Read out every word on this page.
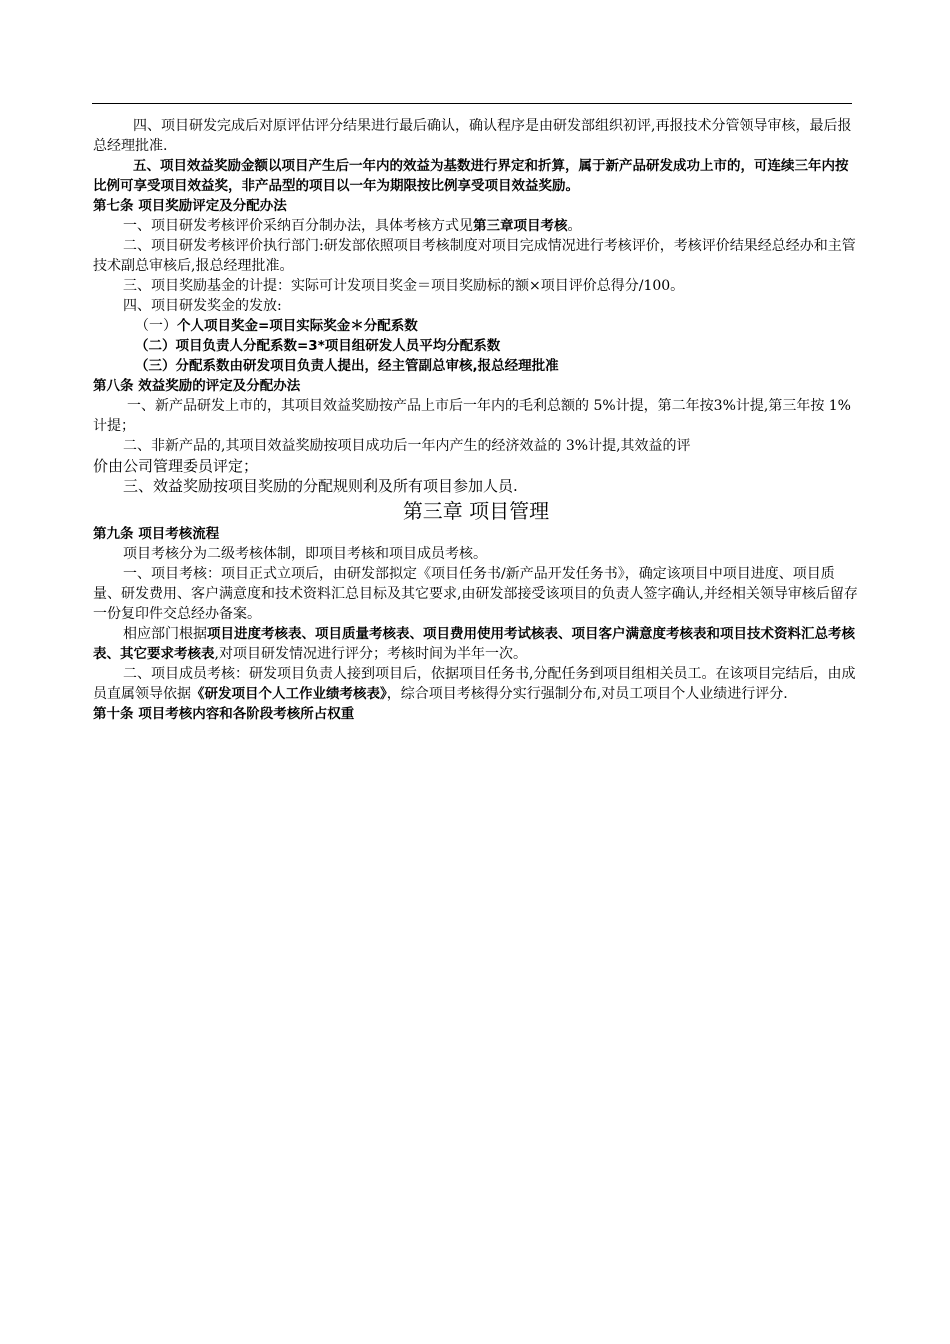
四、项目研发完成后对原评估评分结果进行最后确认，确认程序是由研发部组织初评,再报技术分管领导审核，最后报总经理批准.

五、项目效益奖励金额以项目产生后一年内的效益为基数进行界定和折算，属于新产品研发成功上市的，可连续三年内按比例可享受项目效益奖，非产品型的项目以一年为期限按比例享受项目效益奖励。

第七条 项目奖励评定及分配办法

一、项目研发考核评价采纳百分制办法，具体考核方式见第三章项目考核。

二、项目研发考核评价执行部门:研发部依照项目考核制度对项目完成情况进行考核评价，考核评价结果经总经办和主管技术副总审核后,报总经理批准。

三、项目奖励基金的计提：实际可计发项目奖金＝项目奖励标的额×项目评价总得分/100。

四、项目研发奖金的发放:

（一）个人项目奖金=项目实际奖金＊分配系数

（二）项目负责人分配系数=3*项目组研发人员平均分配系数

（三）分配系数由研发项目负责人提出，经主管副总审核,报总经理批准

第八条 效益奖励的评定及分配办法

一、新产品研发上市的，其项目效益奖励按产品上市后一年内的毛利总额的 5%计提，第二年按3%计提,第三年按 1%计提；

二、非新产品的,其项目效益奖励按项目成功后一年内产生的经济效益的 3%计提,其效益的评

价由公司管理委员评定；

三、效益奖励按项目奖励的分配规则利及所有项目参加人员.

第三章 项目管理

第九条 项目考核流程

项目考核分为二级考核体制，即项目考核和项目成员考核。

一、项目考核：项目正式立项后，由研发部拟定《项目任务书/新产品开发任务书》，确定该项目中项目进度、项目质量、研发费用、客户满意度和技术资料汇总目标及其它要求,由研发部接受该项目的负责人签字确认,并经相关领导审核后留存一份复印件交总经办备案。

相应部门根据项目进度考核表、项目质量考核表、项目费用使用考试核表、项目客户满意度考核表和项目技术资料汇总考核表、其它要求考核表,对项目研发情况进行评分；考核时间为半年一次。

二、项目成员考核：研发项目负责人接到项目后，依据项目任务书,分配任务到项目组相关员工。在该项目完结后，由成员直属领导依据《研发项目个人工作业绩考核表》，综合项目考核得分实行强制分布,对员工项目个人业绩进行评分.

第十条 项目考核内容和各阶段考核所占权重
